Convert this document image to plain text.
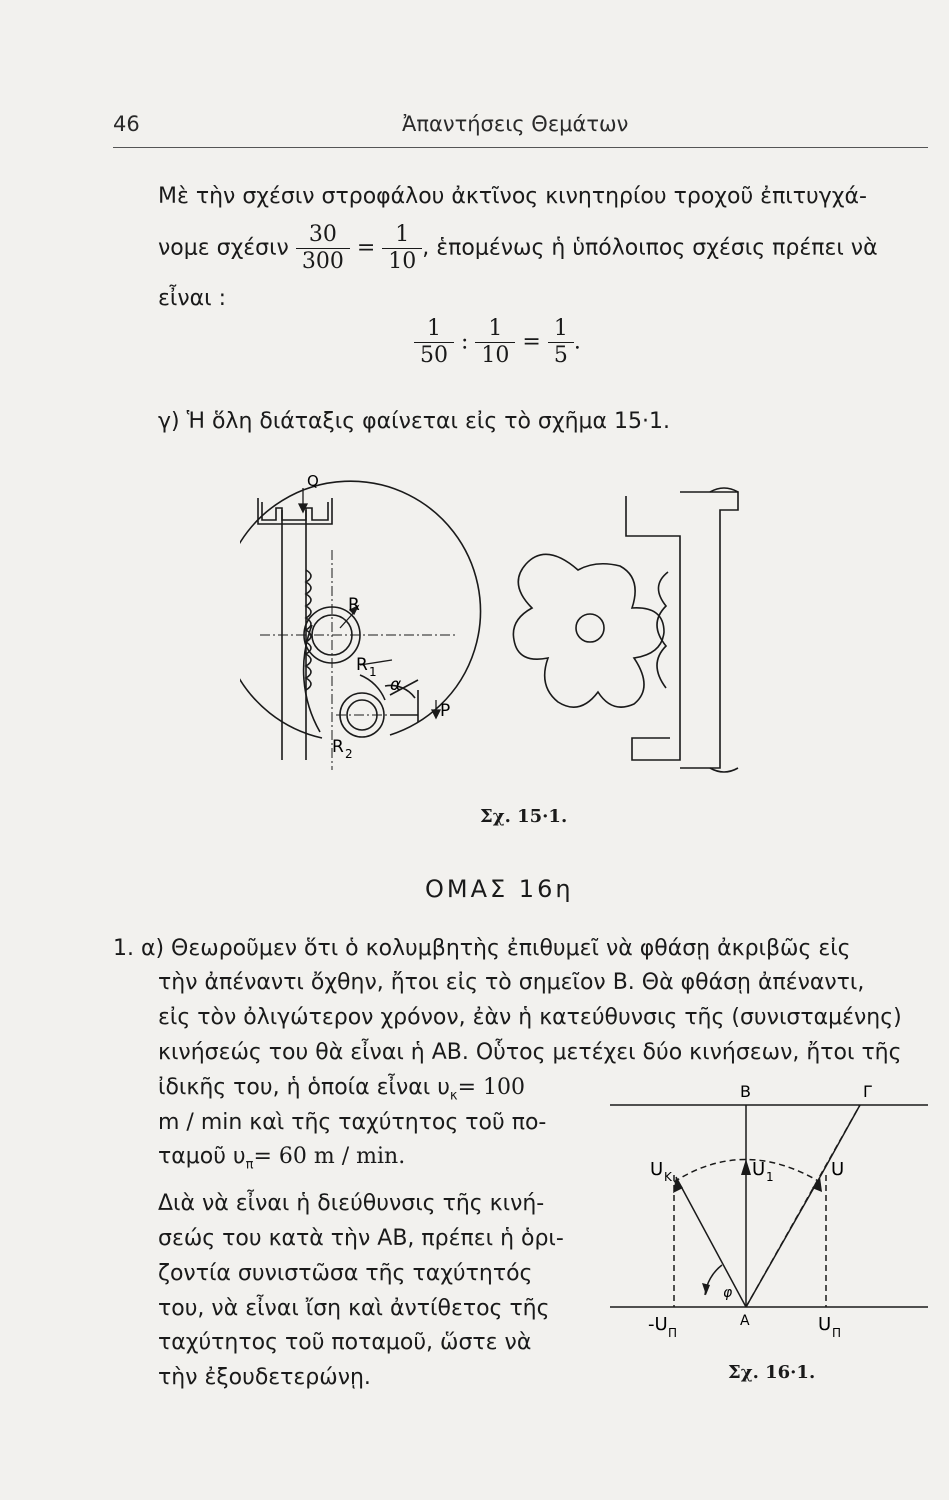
46	Ἀπαντήσεις Θεμάτων
Μὲ τὴν σχέσιν στροφάλου ἀκτῖνος κινητηρίου τροχοῦ ἐπιτυγχά-
νομε σχέσιν $\frac{30}{300} = \frac{1}{10}$ , ἑπομένως ἡ ὑπόλοιπος σχέσις πρέπει νὰ
εἶναι :
$\frac{1}{50}$ : $\frac{1}{10} = \frac{1}{5}$ .
γ) Ἡ ὅλη διάταξις φαίνεται εἰς τὸ σχῆμα 15·1.
Q
R
R 1
α
P
R 2
Σχ. 15·1.
ΟΜΑΣ 16η
1. α) Θεωροῦμεν ὅτι ὁ κολυμβητὴς ἐπιθυμεῖ νὰ φθάσῃ ἀκριβῶς εἰς
τὴν ἀπέναντι ὄχθην, ἤτοι εἰς τὸ σημεῖον Β. Θὰ φθάσῃ ἀπέναντι,
εἰς τὸν ὀλιγώτερον χρόνον, ἐὰν ἡ κατεύθυνσις τῆς (συνισταμένης)
κινήσεώς του θὰ εἶναι ἡ ΑΒ. Οὗτος μετέχει δύο κινήσεων, ἤτοι τῆς
ἰδικῆς του, ἡ ὁποία εἶναι $\upsilon_\kappa= 100$
m / min καὶ τῆς ταχύτητος τοῦ πο-
ταμοῦ $\upsilon_\pi= 60$ m / min.
Διὰ νὰ εἶναι ἡ διεύθυνσις τῆς κινή-
σεώς του κατὰ τὴν ΑΒ, πρέπει ἡ ὁρι-
ζοντία συνιστῶσα τῆς ταχύτητός
του, νὰ εἶναι ἴση καὶ ἀντίθετος τῆς
ταχύτητος τοῦ ποταμοῦ, ὥστε νὰ
τὴν ἐξουδετερώνῃ.
Β	Γ
U K	U 1	U
φ
-U П
A	U П
Σχ. 16·1.
